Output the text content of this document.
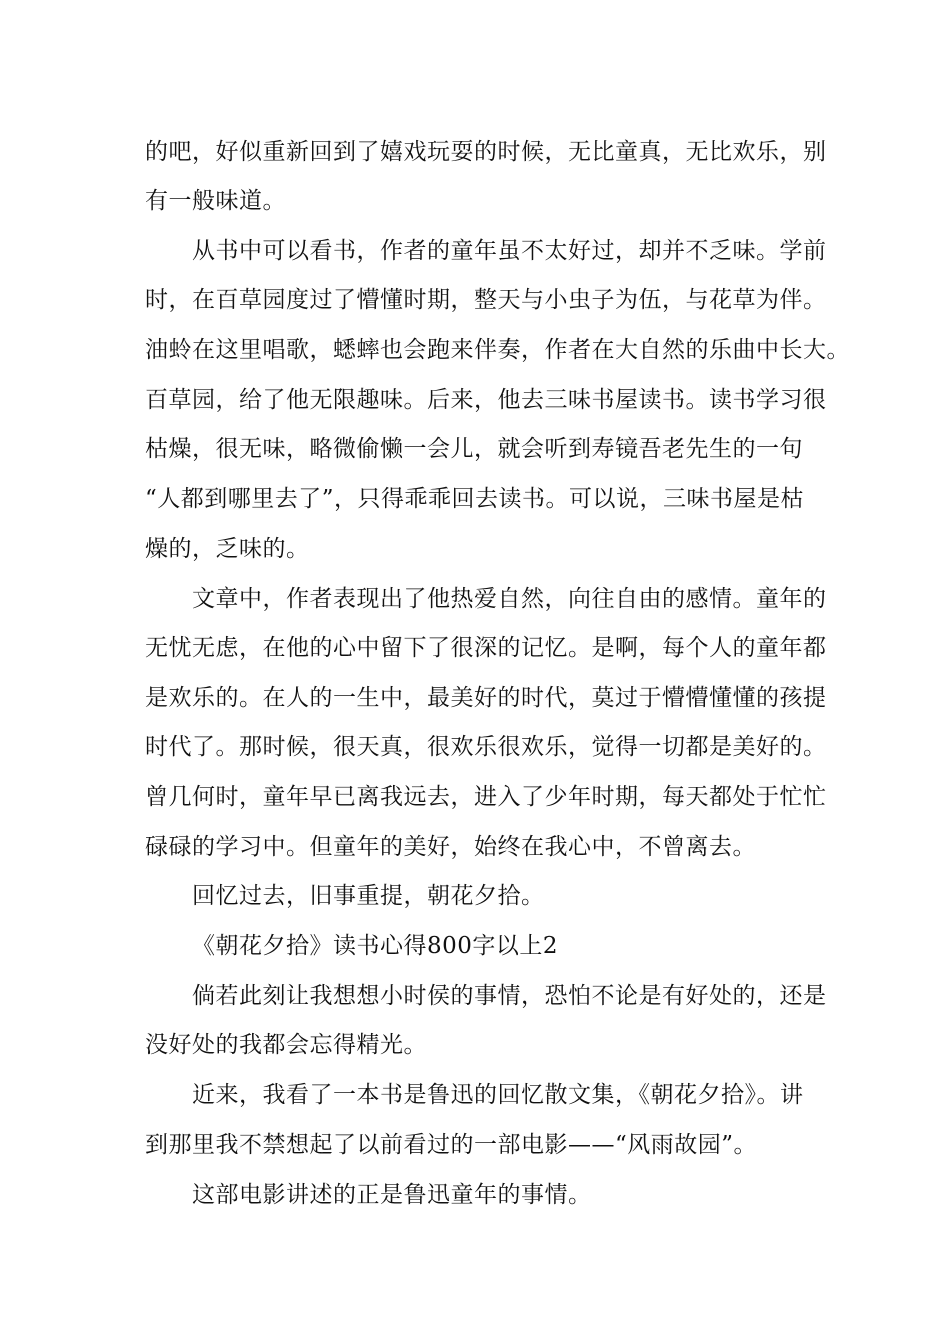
的吧，好似重新回到了嬉戏玩耍的时候，无比童真，无比欢乐，别
有一般味道。
从书中可以看书，作者的童年虽不太好过，却并不乏味。学前
时，在百草园度过了懵懂时期，整天与小虫子为伍，与花草为伴。
油蛉在这里唱歌，蟋蟀也会跑来伴奏，作者在大自然的乐曲中长大。
百草园，给了他无限趣味。后来，他去三味书屋读书。读书学习很
枯燥，很无味，略微偷懒一会儿，就会听到寿镜吾老先生的一句
“人都到哪里去了”，只得乖乖回去读书。可以说，三味书屋是枯
燥的，乏味的。
文章中，作者表现出了他热爱自然，向往自由的感情。童年的
无忧无虑，在他的心中留下了很深的记忆。是啊，每个人的童年都
是欢乐的。在人的一生中，最美好的时代，莫过于懵懵懂懂的孩提
时代了。那时候，很天真，很欢乐很欢乐，觉得一切都是美好的。
曾几何时，童年早已离我远去，进入了少年时期，每天都处于忙忙
碌碌的学习中。但童年的美好，始终在我心中，不曾离去。
回忆过去，旧事重提，朝花夕拾。
《朝花夕拾》读书心得800字以上2
倘若此刻让我想想小时侯的事情，恐怕不论是有好处的，还是
没好处的我都会忘得精光。
近来，我看了一本书是鲁迅的回忆散文集，《朝花夕拾》。讲
到那里我不禁想起了以前看过的一部电影——“风雨故园”。
这部电影讲述的正是鲁迅童年的事情。
